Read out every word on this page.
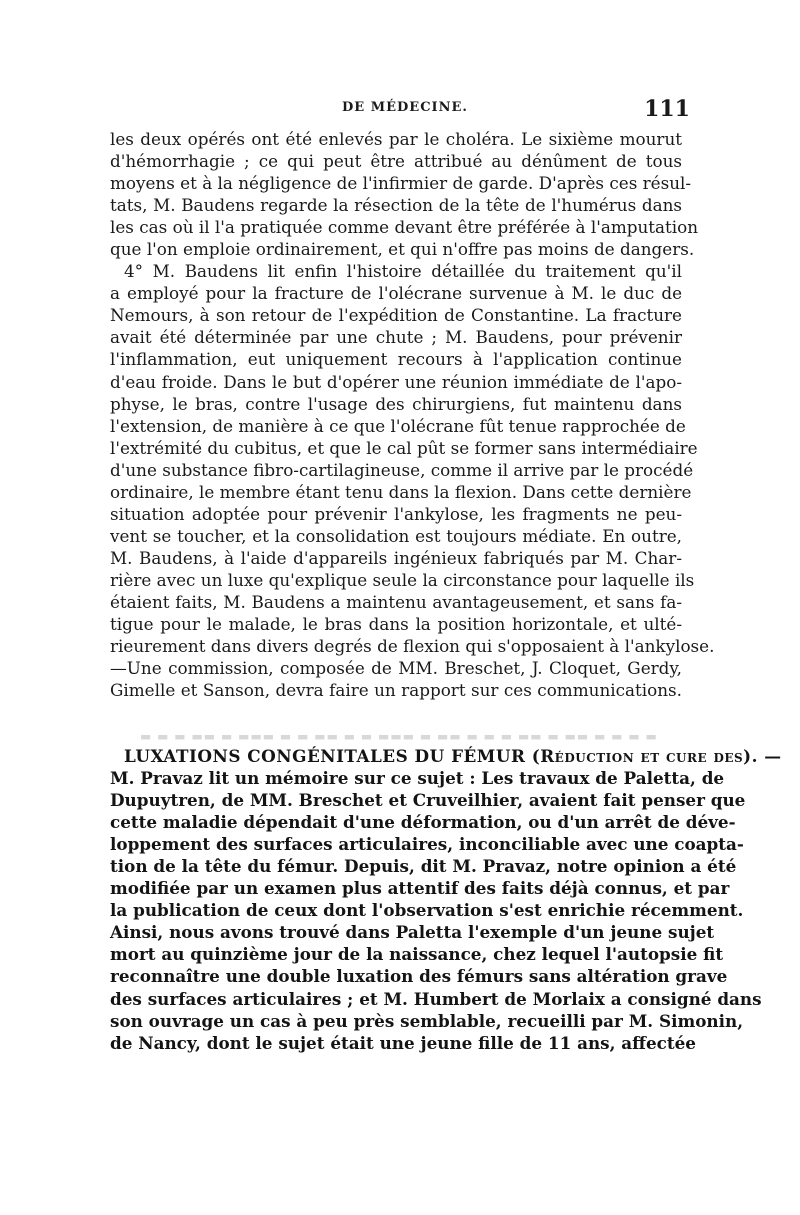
DE MÉDECINE.	111
les deux opérés ont été enlevés par le choléra. Le sixième mourut
d'hémorrhagie ; ce qui peut être attribué au dénûment de tous
moyens et à la négligence de l'infirmier de garde. D'après ces résul-
tats, M. Baudens regarde la résection de la tête de l'humérus dans
les cas où il l'a pratiquée comme devant être préférée à l'amputation
que l'on emploie ordinairement, et qui n'offre pas moins de dangers.
4° M. Baudens lit enfin l'histoire détaillée du traitement qu'il
a employé pour la fracture de l'olécrane survenue à M. le duc de
Nemours, à son retour de l'expédition de Constantine. La fracture
avait été déterminée par une chute ; M. Baudens, pour prévenir
l'inflammation, eut uniquement recours à l'application continue
d'eau froide. Dans le but d'opérer une réunion immédiate de l'apo-
physe, le bras, contre l'usage des chirurgiens, fut maintenu dans
l'extension, de manière à ce que l'olécrane fût tenue rapprochée de
l'extrémité du cubitus, et que le cal pût se former sans intermédiaire
d'une substance fibro-cartilagineuse, comme il arrive par le procédé
ordinaire, le membre étant tenu dans la flexion. Dans cette dernière
situation adoptée pour prévenir l'ankylose, les fragments ne peu-
vent se toucher, et la consolidation est toujours médiate. En outre,
M. Baudens, à l'aide d'appareils ingénieux fabriqués par M. Char-
rière avec un luxe qu'explique seule la circonstance pour laquelle ils
étaient faits, M. Baudens a maintenu avantageusement, et sans fa-
tigue pour le malade, le bras dans la position horizontale, et ulté-
rieurement dans divers degrés de flexion qui s'opposaient à l'ankylose.
—Une commission, composée de MM. Breschet, J. Cloquet, Gerdy,
Gimelle et Sanson, devra faire un rapport sur ces communications.
▬ ▬ ▬ ▬▬ ▬ ▬▬▬ ▬ ▬ ▬▬ ▬ ▬ ▬▬▬ ▬ ▬▬ ▬ ▬ ▬ ▬▬ ▬ ▬▬ ▬ ▬ ▬ ▬
LUXATIONS CONGÉNITALES DU FÉMUR (Réduction et cure des). —
M. Pravaz lit un mémoire sur ce sujet : Les travaux de Paletta, de
Dupuytren, de MM. Breschet et Cruveilhier, avaient fait penser que
cette maladie dépendait d'une déformation, ou d'un arrêt de déve-
loppement des surfaces articulaires, inconciliable avec une coapta-
tion de la tête du fémur. Depuis, dit M. Pravaz, notre opinion a été
modifiée par un examen plus attentif des faits déjà connus, et par
la publication de ceux dont l'observation s'est enrichie récemment.
Ainsi, nous avons trouvé dans Paletta l'exemple d'un jeune sujet
mort au quinzième jour de la naissance, chez lequel l'autopsie fit
reconnaître une double luxation des fémurs sans altération grave
des surfaces articulaires ; et M. Humbert de Morlaix a consigné dans
son ouvrage un cas à peu près semblable, recueilli par M. Simonin,
de Nancy, dont le sujet était une jeune fille de 11 ans, affectée
